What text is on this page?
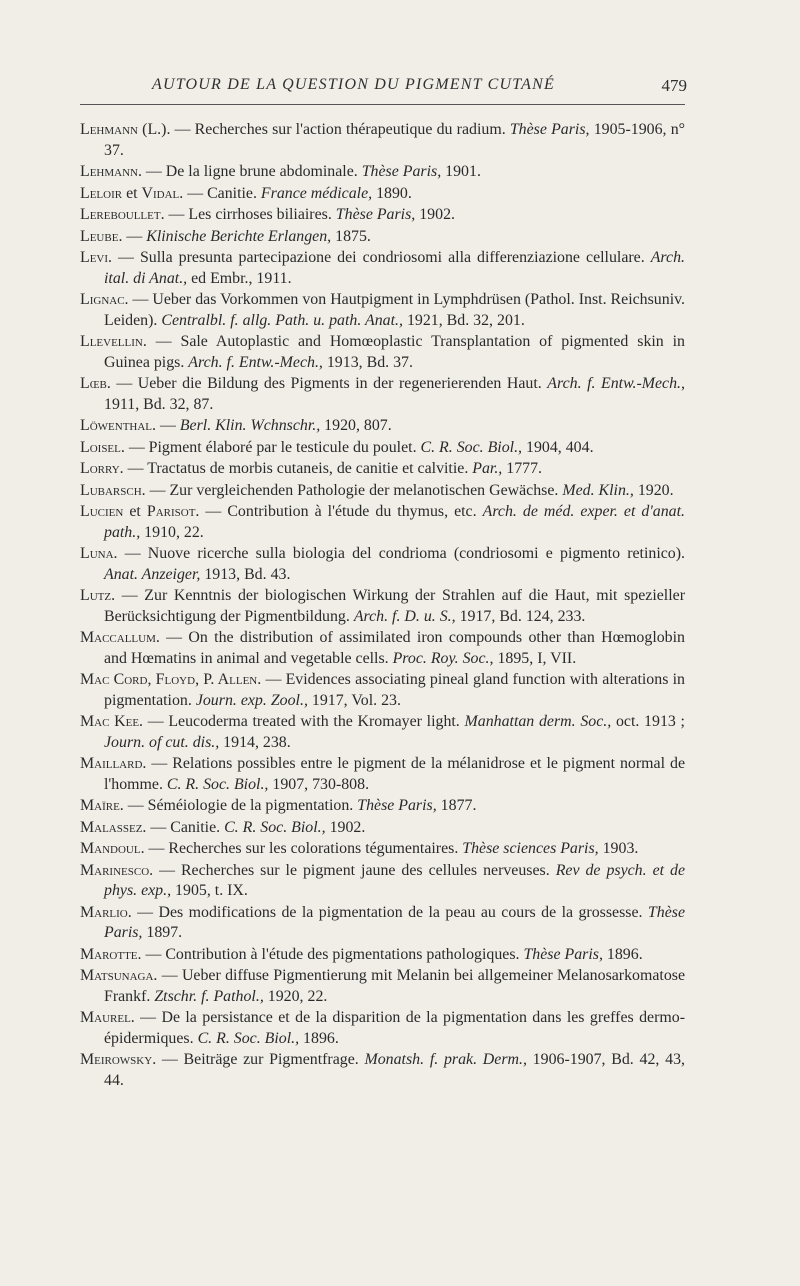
AUTOUR DE LA QUESTION DU PIGMENT CUTANÉ	479
Lehmann (L.). — Recherches sur l'action thérapeutique du radium. Thèse Paris, 1905-1906, n° 37.
Lehmann. — De la ligne brune abdominale. Thèse Paris, 1901.
Leloir et Vidal. — Canitie. France médicale, 1890.
Lereboullet. — Les cirrhoses biliaires. Thèse Paris, 1902.
Leube. — Klinische Berichte Erlangen, 1875.
Levi. — Sulla presunta partecipazione dei condriosomi alla differenziazione cellulare. Arch. ital. di Anat., ed Embr., 1911.
Lignac. — Ueber das Vorkommen von Hautpigment in Lymphdrüsen (Pathol. Inst. Reichsuniv. Leiden). Centralbl. f. allg. Path. u. path. Anat., 1921, Bd. 32, 201.
Llevellin. — Sale Autoplastic and Homœoplastic Transplantation of pigmented skin in Guinea pigs. Arch. f. Entw.-Mech., 1913, Bd. 37.
Lœb. — Ueber die Bildung des Pigments in der regenerierenden Haut. Arch. f. Entw.-Mech., 1911, Bd. 32, 87.
Löwenthal. — Berl. Klin. Wchnschr., 1920, 807.
Loisel. — Pigment élaboré par le testicule du poulet. C. R. Soc. Biol., 1904, 404.
Lorry. — Tractatus de morbis cutaneis, de canitie et calvitie. Par., 1777.
Lubarsch. — Zur vergleichenden Pathologie der melanotischen Gewächse. Med. Klin., 1920.
Lucien et Parisot. — Contribution à l'étude du thymus, etc. Arch. de méd. exper. et d'anat. path., 1910, 22.
Luna. — Nuove ricerche sulla biologia del condrioma (condriosomi e pigmento retinico). Anat. Anzeiger, 1913, Bd. 43.
Lutz. — Zur Kenntnis der biologischen Wirkung der Strahlen auf die Haut, mit spezieller Berücksichtigung der Pigmentbildung. Arch. f. D. u. S., 1917, Bd. 124, 233.
Maccallum. — On the distribution of assimilated iron compounds other than Hœmoglobin and Hœmatins in animal and vegetable cells. Proc. Roy. Soc., 1895, I, VII.
Mac Cord, Floyd, P. Allen. — Evidences associating pineal gland function with alterations in pigmentation. Journ. exp. Zool., 1917, Vol. 23.
Mac Kee. — Leucoderma treated with the Kromayer light. Manhattan derm. Soc., oct. 1913 ; Journ. of cut. dis., 1914, 238.
Maillard. — Relations possibles entre le pigment de la mélanidrose et le pigment normal de l'homme. C. R. Soc. Biol., 1907, 730-808.
Maïre. — Séméiologie de la pigmentation. Thèse Paris, 1877.
Malassez. — Canitie. C. R. Soc. Biol., 1902.
Mandoul. — Recherches sur les colorations tégumentaires. Thèse sciences Paris, 1903.
Marinesco. — Recherches sur le pigment jaune des cellules nerveuses. Rev de psych. et de phys. exp., 1905, t. IX.
Marlio. — Des modifications de la pigmentation de la peau au cours de la grossesse. Thèse Paris, 1897.
Marotte. — Contribution à l'étude des pigmentations pathologiques. Thèse Paris, 1896.
Matsunaga. — Ueber diffuse Pigmentierung mit Melanin bei allgemeiner Melanosarkomatose Frankf. Ztschr. f. Pathol., 1920, 22.
Maurel. — De la persistance et de la disparition de la pigmentation dans les greffes dermo-épidermiques. C. R. Soc. Biol., 1896.
Meirowsky. — Beiträge zur Pigmentfrage. Monatsh. f. prak. Derm., 1906-1907, Bd. 42, 43, 44.
